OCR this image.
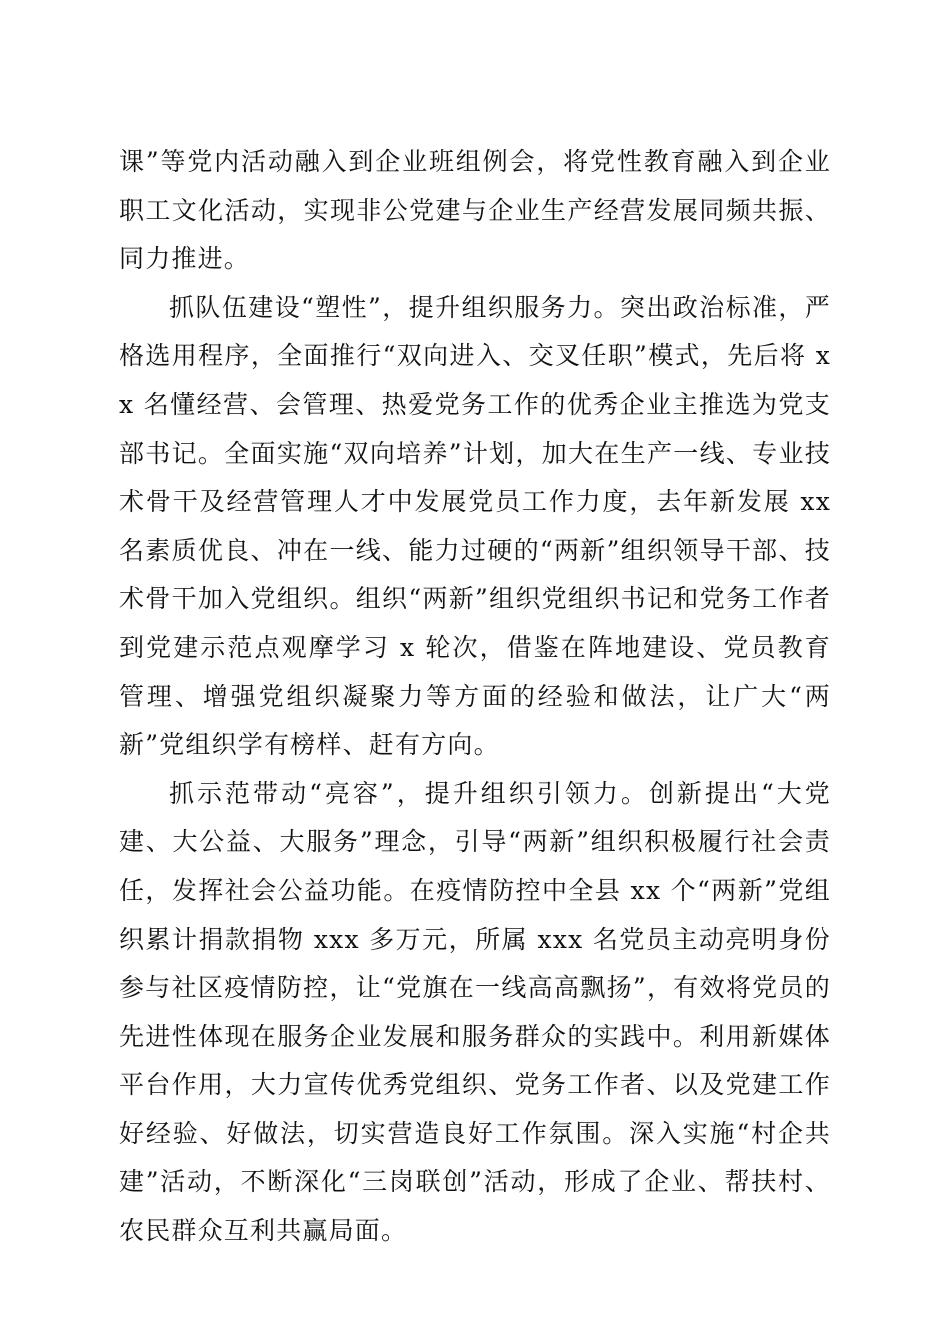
课”等党内活动融入到企业班组例会，将党性教育融入到企业职工文化活动，实现非公党建与企业生产经营发展同频共振、同力推进。

抓队伍建设“塑性”，提升组织服务力。突出政治标准，严格选用程序，全面推行“双向进入、交叉任职”模式，先后将 xx 名懂经营、会管理、热爱党务工作的优秀企业主推选为党支部书记。全面实施“双向培养”计划，加大在生产一线、专业技术骨干及经营管理人才中发展党员工作力度，去年新发展 xx 名素质优良、冲在一线、能力过硬的“两新”组织领导干部、技术骨干加入党组织。组织“两新”组织党组织书记和党务工作者到党建示范点观摩学习 x 轮次，借鉴在阵地建设、党员教育管理、增强党组织凝聚力等方面的经验和做法，让广大“两新”党组织学有榜样、赶有方向。

抓示范带动“亮容”，提升组织引领力。创新提出“大党建、大公益、大服务”理念，引导“两新”组织积极履行社会责任，发挥社会公益功能。在疫情防控中全县 xx 个“两新”党组织累计捐款捐物 xxx 多万元，所属 xxx 名党员主动亮明身份参与社区疫情防控，让“党旗在一线高高飘扬”，有效将党员的先进性体现在服务企业发展和服务群众的实践中。利用新媒体平台作用，大力宣传优秀党组织、党务工作者、以及党建工作好经验、好做法，切实营造良好工作氛围。深入实施“村企共建”活动，不断深化“三岗联创”活动，形成了企业、帮扶村、农民群众互利共赢局面。
